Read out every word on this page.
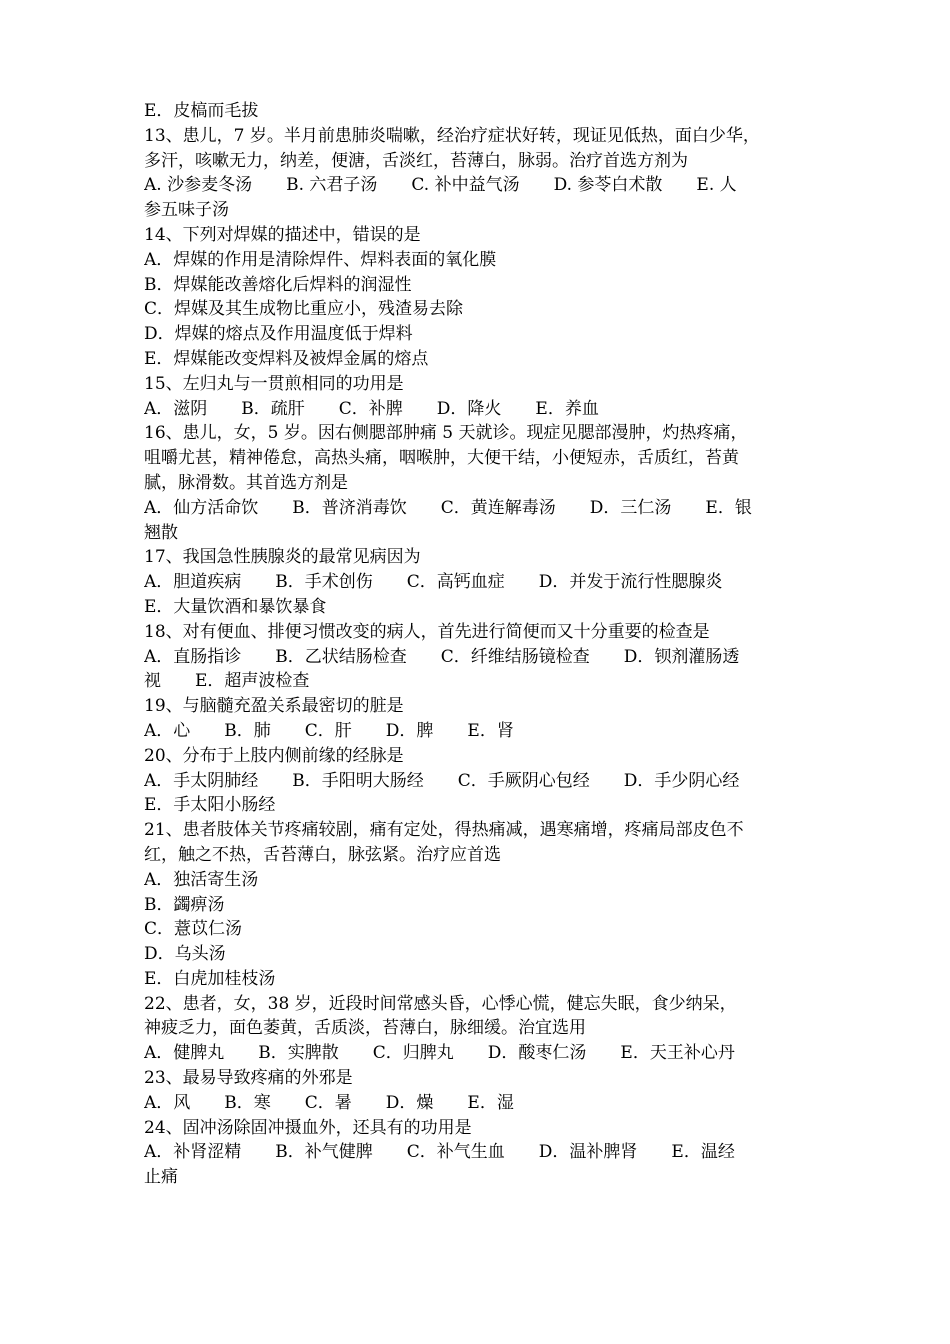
E．皮槁而毛拔
13、患儿，7 岁。半月前患肺炎喘嗽，经治疗症状好转，现证见低热，面白少华，
多汗，咳嗽无力，纳差，便溏，舌淡红，苔薄白，脉弱。治疗首选方剂为
A. 沙参麦冬汤　　B. 六君子汤　　C. 补中益气汤　　D. 参苓白术散　　E. 人
参五味子汤
14、下列对焊媒的描述中，错误的是
A．焊媒的作用是清除焊件、焊料表面的氧化膜
B．焊媒能改善熔化后焊料的润湿性
C．焊媒及其生成物比重应小，残渣易去除
D．焊媒的熔点及作用温度低于焊料
E．焊媒能改变焊料及被焊金属的熔点
15、左归丸与一贯煎相同的功用是
A．滋阴　　B．疏肝　　C．补脾　　D．降火　　E．养血
16、患儿，女，5 岁。因右侧腮部肿痛 5 天就诊。现症见腮部漫肿，灼热疼痛，
咀嚼尤甚，精神倦怠，高热头痛，咽喉肿，大便干结，小便短赤，舌质红，苔黄
腻，脉滑数。其首选方剂是
A．仙方活命饮　　B．普济消毒饮　　C．黄连解毒汤　　D．三仁汤　　E．银
翘散
17、我国急性胰腺炎的最常见病因为
A．胆道疾病　　B．手术创伤　　C．高钙血症　　D．并发于流行性腮腺炎
E．大量饮酒和暴饮暴食
18、对有便血、排便习惯改变的病人，首先进行简便而又十分重要的检查是
A．直肠指诊　　B．乙状结肠检查　　C．纤维结肠镜检查　　D．钡剂灌肠透
视　　E．超声波检查
19、与脑髓充盈关系最密切的脏是
A．心　　B．肺　　C．肝　　D．脾　　E．肾
20、分布于上肢内侧前缘的经脉是
A．手太阴肺经　　B．手阳明大肠经　　C．手厥阴心包经　　D．手少阴心经
E．手太阳小肠经
21、患者肢体关节疼痛较剧，痛有定处，得热痛减，遇寒痛增，疼痛局部皮色不
红，触之不热，舌苔薄白，脉弦紧。治疗应首选
A．独活寄生汤
B．蠲痹汤
C．薏苡仁汤
D．乌头汤
E．白虎加桂枝汤
22、患者，女，38 岁，近段时间常感头昏，心悸心慌，健忘失眠，食少纳呆，
神疲乏力，面色萎黄，舌质淡，苔薄白，脉细缓。治宜选用
A．健脾丸　　B．实脾散　　C．归脾丸　　D．酸枣仁汤　　E．天王补心丹
23、最易导致疼痛的外邪是
A．风　　B．寒　　C．暑　　D．燥　　E．湿
24、固冲汤除固冲摄血外，还具有的功用是
A．补肾涩精　　B．补气健脾　　C．补气生血　　D．温补脾肾　　E．温经
止痛
